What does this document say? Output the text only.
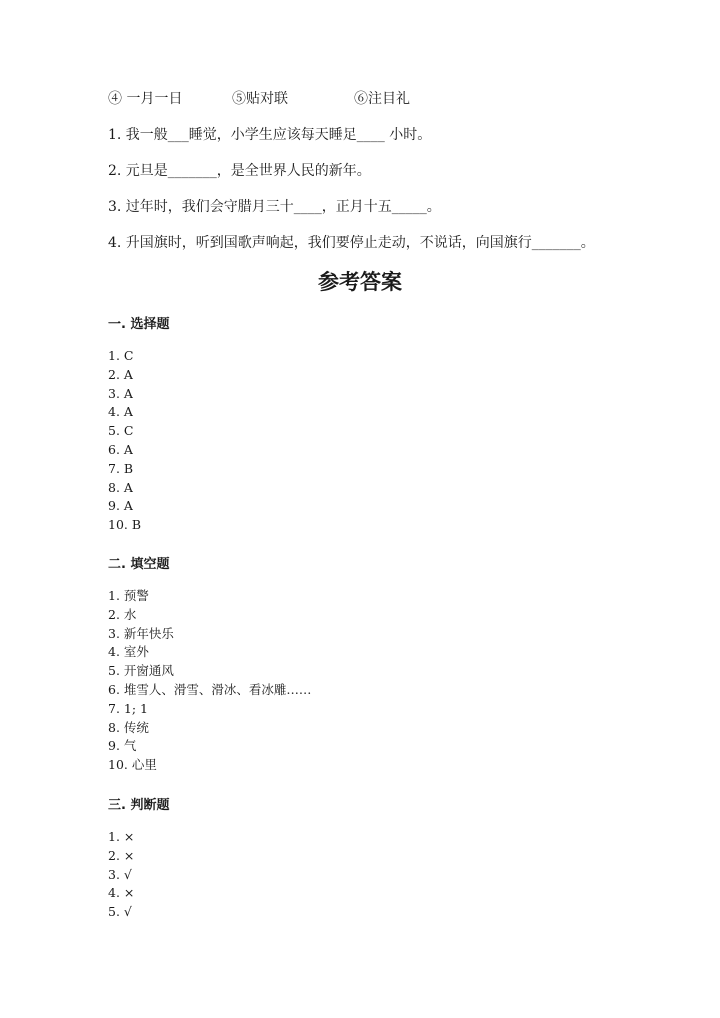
④ 一月一日	⑤贴对联	⑥注目礼
1. 我一般___睡觉，小学生应该每天睡足____ 小时。
2. 元旦是_______，是全世界人民的新年。
3. 过年时，我们会守腊月三十____，正月十五_____。
4. 升国旗时，听到国歌声响起，我们要停止走动，不说话，向国旗行_______。
参考答案
一. 选择题
1. C
2. A
3. A
4. A
5. C
6. A
7. B
8. A
9. A
10. B
二. 填空题
1. 预警
2. 水
3. 新年快乐
4. 室外
5. 开窗通风
6. 堆雪人、滑雪、滑冰、看冰雕……
7. 1; 1
8. 传统
9. 气
10. 心里
三. 判断题
1. ×
2. ×
3. √
4. ×
5. √
